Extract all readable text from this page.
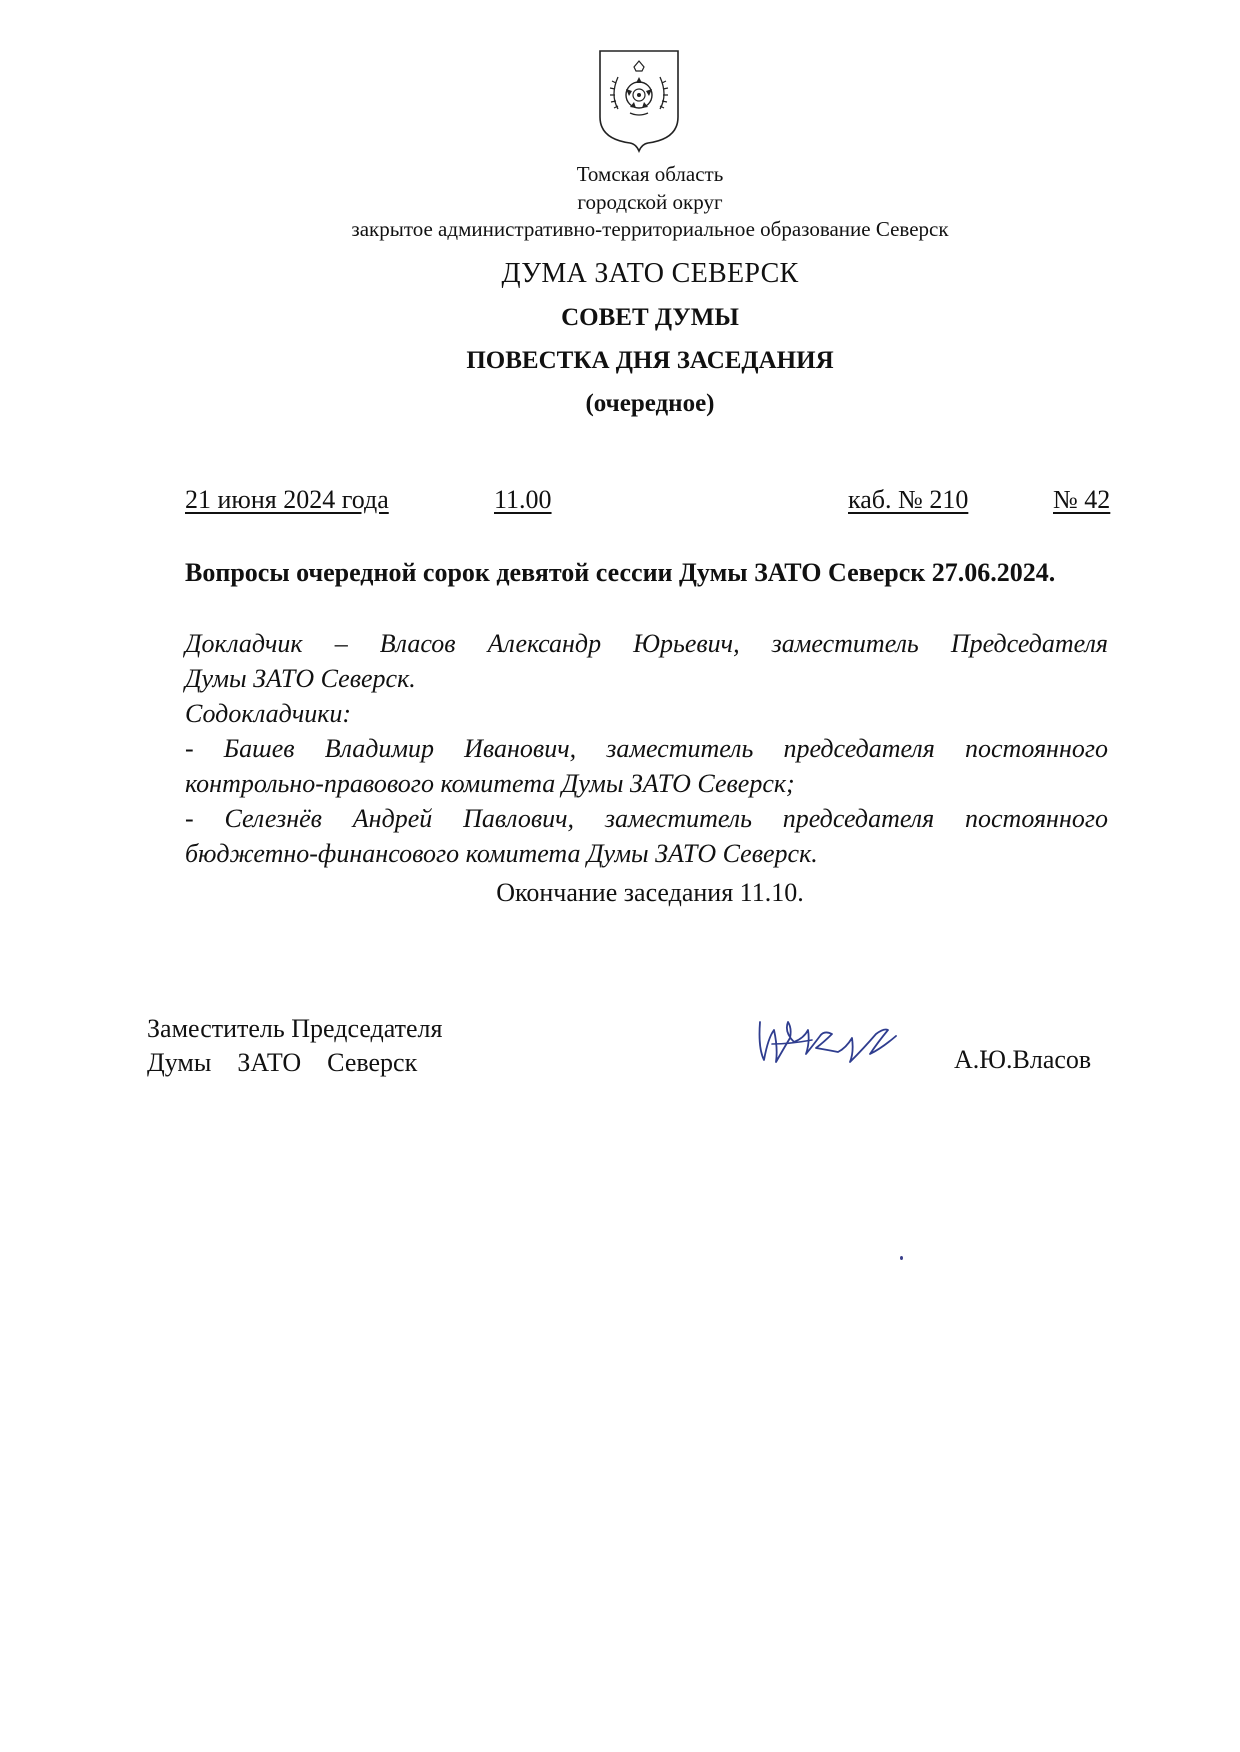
Томская область
городской округ
закрытое административно-территориальное образование Северск
ДУМА ЗАТО СЕВЕРСК
СОВЕТ ДУМЫ
ПОВЕСТКА ДНЯ ЗАСЕДАНИЯ
(очередное)
21 июня 2024 года	11.00	каб. № 210	№ 42

Вопросы очередной сорок девятой сессии Думы ЗАТО Северск 27.06.2024.

Докладчик – Власов Александр Юрьевич, заместитель Председателя

Думы ЗАТО Северск.

Содокладчики:

- Башев Владимир Иванович, заместитель председателя постоянного

контрольно-правового комитета Думы ЗАТО Северск;

- Селезнёв Андрей Павлович, заместитель председателя постоянного

бюджетно-финансового комитета Думы ЗАТО Северск.

Окончание заседания 11.10.
Заместитель Председателя
Думы ЗАТО Северск	А.Ю.Власов
